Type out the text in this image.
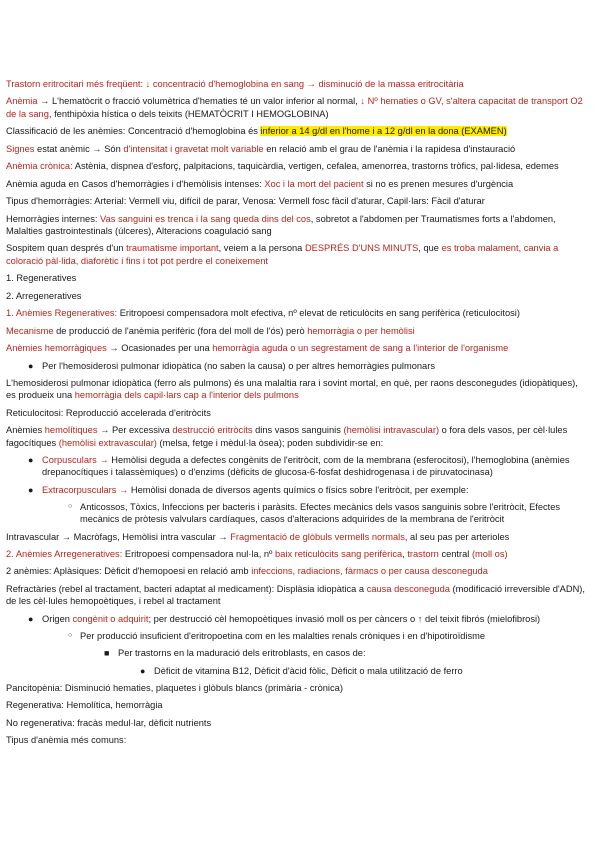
Trastorn eritrocitari més freqüent: ↓ concentració d'hemoglobina en sang → disminució de la massa eritrocitària

Anèmia → L'hematòcrit o fracció volumètrica d'hematies té un valor inferior al normal, ↓ Nº hematies o GV, s'altera capacitat de transport O2 de la sang, fenthipòxia hística o dels teixits (HEMATÒCRIT I HEMOGLOBINA)

Classificació de les anèmies: Concentració d'hemoglobina és inferior a 14 g/dl en l'home i a 12 g/dl en la dona (EXAMEN)

Signes estat anèmic → Són d'intensitat i gravetat molt variable en relació amb el grau de l'anèmia i la rapidesa d'instauració

Anèmia crònica: Astènia, dispnea d'esforç, palpitacions, taquicàrdia, vertigen, cefalea, amenorrea, trastorns tròfics, pal·lidesa, edemes

Anèmia aguda en Casos d'hemorràgies i d'hemòlisis intenses: Xoc i la mort del pacient si no es prenen mesures d'urgència

Tipus d'hemorràgies: Arterial: Vermell viu, difícil de parar, Venosa: Vermell fosc fàcil d'aturar, Capil·lars: Fàcil d'aturar

Hemorràgies internes: Vas sanguini es trenca i la sang queda dins del cos, sobretot a l'abdomen per Traumatismes forts a l'abdomen, Malalties gastrointestinals (úlceres), Alteracions coagulació sang

Sospitem quan després d'un traumatisme important, veiem a la persona DESPRÉS D'UNS MINUTS, que es troba malament, canvia a coloració pàl·lida, diaforètic i fins i tot pot perdre el coneixement

1. Regeneratives

2. Arregeneratives

1. Anèmies Regeneratives: Eritropoesi compensadora molt efectiva, nº elevat de reticulòcits en sang perifèrica (reticulocitosi)

Mecanisme de producció de l'anèmia perifèric (fora del moll de l'ós) però hemorràgia o per hemòlisi

Anèmies hemorràgiques → Ocasionades per una hemorràgia aguda o un segrestament de sang a l'interior de l'organisme

● Per l'hemosiderosi pulmonar idiopàtica (no saben la causa) o per altres hemorràgies pulmonars

L'hemosiderosi pulmonar idiopàtica (ferro als pulmons) és una malaltia rara i sovint mortal, en què, per raons desconegudes (idiopàtiques), es produeix una hemorràgia dels capil·lars cap a l'interior dels pulmons

Reticulocitosi: Reproducció accelerada d'eritròcits

Anèmies hemolítiques → Per excessiva destrucció eritròcits dins vasos sanguinis (hemòlisi intravascular) o fora dels vasos, per cèl·lules fagocítiques (hemòlisi extravascular) (melsa, fetge i mèdul·la òsea); poden subdividir-se en:

● Corpusculars → Hemòlisi deguda a defectes congènits de l'eritròcit, com de la membrana (esferocitosi), l'hemoglobina (anèmies drepanocítiques i talassèmiques) o d'enzims (dèficits de glucosa-6-fosfat deshidrogenasa i de piruvatocinasa)
● Extracorpusculars → Hemòlisi donada de diversos agents químics o físics sobre l'eritròcit, per exemple:
○ Anticossos, Tòxics, Infeccions per bacteris i paràsits. Efectes mecànics dels vasos sanguinis sobre l'eritròcit, Efectes mecànics de pròtesis valvulars cardíaques, casos d'alteracions adquirides de la membrana de l'eritròcit

Intravascular → Macròfags, Hemòlisi intra vascular → Fragmentació de glòbuls vermells normals, al seu pas per arterioles

2. Anèmies Arregeneratives: Eritropoesi compensadora nul·la, nº baix reticulòcits sang perifèrica, trastorn central (moll os)

2 anèmies: Aplàsiques: Dèficit d'hemopoesi en relació amb infeccions, radiacions, fàrmacs o per causa desconeguda

Refractàries (rebel al tractament, bacteri adaptat al medicament): Displàsia idiopàtica a causa desconeguda (modificació irreversible d'ADN), de les cèl·lules hemopoètiques, i rebel al tractament

● Origen congènit o adquirit; per destrucció cèl hemopoètiques invasió moll os per càncers o ↑ del teixit fibrós (mielofibrosi)
○ Per producció insuficient d'eritropoetina com en les malalties renals cròniques i en d'hipotiroïdisme
■ Per trastorns en la maduració dels eritroblasts, en casos de:
● Dèficit de vitamina B12, Dèficit d'àcid fòlic, Dèficit o mala utilització de ferro

Pancitopènia: Disminució hematies, plaquetes i glòbuls blancs (primària - crònica)

Regenerativa: Hemolítica, hemorràgia

No regenerativa: fracàs medul·lar, dèficit nutrients

Tipus d'anèmia més comuns:
